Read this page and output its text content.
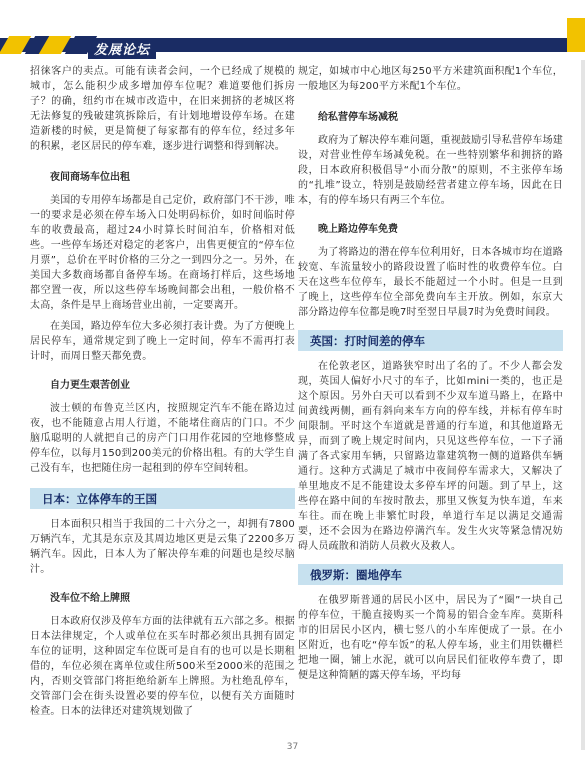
发展论坛

招徕客户的卖点。可能有读者会问，一个已经成了规模的城市，怎么能积少成多增加停车位呢？难道要他们拆房子？的确，纽约市在城市改造中，在旧来拥挤的老城区将无法修复的残破建筑拆除后，有计划地增设停车场。在建造新楼的时候，更是简便了每家都有的停车位，经过多年的积累，老区居民的停车难，逐步进行调整和得到解决。

夜间商场车位出租

美国的专用停车场都是自己定价，政府部门不干涉，唯一的要求是必须在停车场入口处明码标价，如时间临时停车的收费最高，超过24小时算长时间泊车，价格相对低些。一些停车场还对稳定的老客户，出售更便宜的“停车位月票”，总价在平时价格的三分之一到四分之一。另外，在美国大多数商场都自备停车场。在商场打样后，这些场地都空置一夜，所以这些停车场晚间都会出租，一般价格不太高，条件是早上商场营业出前，一定要离开。

在美国，路边停车位大多必须打表计费。为了方便晚上居民停车，通常规定到了晚上一定时间，停车不需再打表计时，而周日整天都免费。

自力更生艰苦创业

波士顿的布鲁克兰区内，按照规定汽车不能在路边过夜，也不能随意占用人行道，不能堵住商店的门口。不少脑瓜聪明的人就把自己的房产门口用作花园的空地修整成停车位，以每月150到200美元的价格出租。有的大学生自己没有车，也把随住房一起租到的停车空间转租。

日本：立体停车的王国

日本面积只相当于我国的二十六分之一，却拥有7800万辆汽车，尤其是东京及其周边地区更是云集了2200多万辆汽车。因此，日本人为了解决停车难的问题也是绞尽脑汁。

没车位不给上牌照

日本政府仅涉及停车方面的法律就有五六部之多。根据日本法律规定，个人或单位在买车时都必须出具拥有固定车位的证明，这种固定车位既可是自有的也可以是长期租借的，车位必须在离单位或住所500米至2000米的范围之内，否则交管部门将拒绝给新车上牌照。为杜绝乱停车，交管部门会在街头设置必要的停车位，以便有关方面随时检查。日本的法律还对建筑规划做了

规定，如城市中心地区每250平方米建筑面积配1个车位，一般地区为每200平方米配1个车位。

给私营停车场减税

政府为了解决停车难问题，重视鼓励引导私营停车场建设，对营业性停车场减免税。在一些特别繁华和拥挤的路段，日本政府积极倡导“小而分散”的原则，不主张停车场的“扎堆”设立，特别是鼓励经营者建立停车场，因此在日本，有的停车场只有两三个车位。

晚上路边停车免费

为了将路边的潜在停车位利用好，日本各城市均在道路较宽、车流量较小的路段设置了临时性的收费停车位。白天在这些车位停车，最长不能超过一个小时。但是一旦到了晚上，这些停车位全部免费向车主开放。例如，东京大部分路边停车位都是晚7时至翌日早晨7时为免费时间段。

英国：打时间差的停车

在伦敦老区，道路狭窄时出了名的了。不少人都会发现，英国人偏好小尺寸的车子，比如mini一类的，也正是这个原因。另外白天可以看到不少双车道马路上，在路中间黄线两侧，画有斜向来车方向的停车线，并标有停车时间限制。平时这个车道就是普通的行车道，和其他道路无异，而到了晚上规定时间内，只见这些停车位，一下子涌满了各式家用车辆，只留路边靠建筑物一侧的道路供车辆通行。这种方式满足了城市中夜间停车需求大，又解决了单里地皮不足不能建设太多停车坪的问题。到了早上，这些停在路中间的车按时散去，那里又恢复为快车道，车来车往。而在晚上非繁忙时段，单道行车足以满足交通需要，还不会因为在路边停满汽车。发生火灾等紧急情况妨碍人员疏散和消防人员救火及救人。

俄罗斯：圈地停车

在俄罗斯普通的居民小区中，居民为了“圈”一块自己的停车位，干脆直接购买一个简易的铝合金车库。莫斯科市的旧居民小区内，横七竖八的小车库便成了一景。在小区附近，也有吃“停车饭”的私人停车场，业主们用铁栅栏把地一圈，铺上水泥，就可以向居民们征收停车费了，即便是这种简陋的露天停车场，平均每

37
